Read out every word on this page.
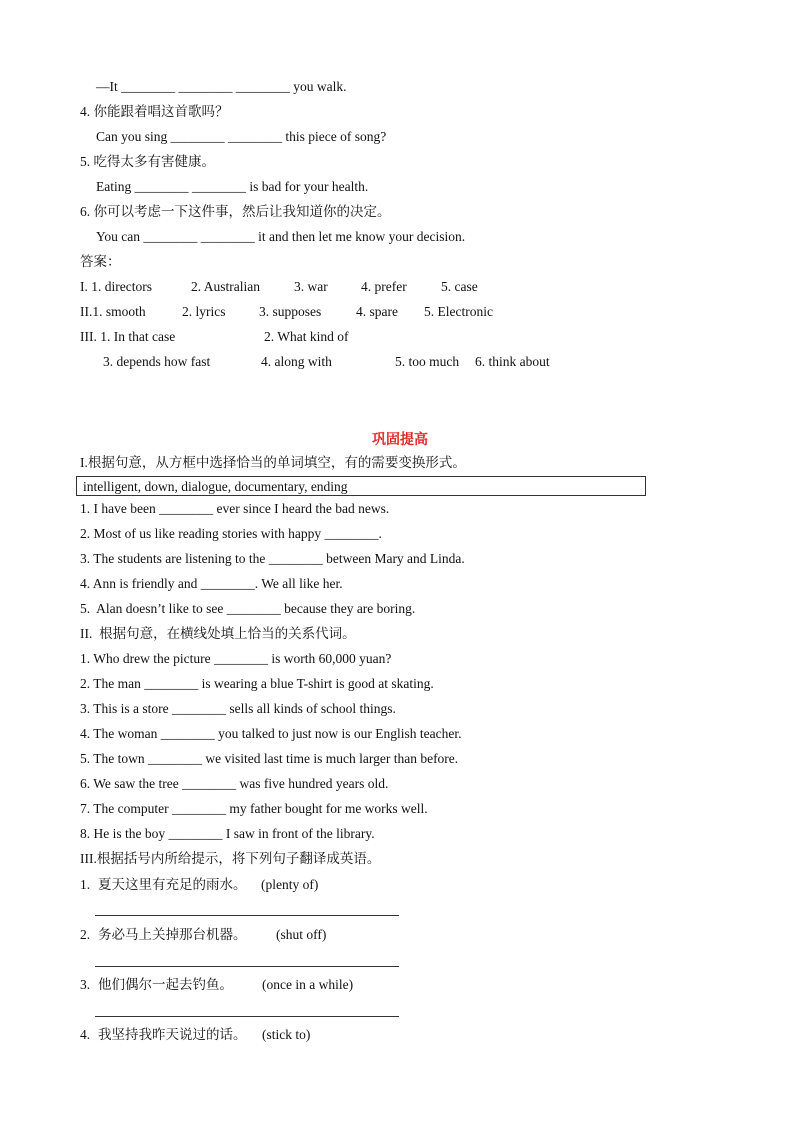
—It ________ ________ ________ you walk.
4. 你能跟着唱这首歌吗？
Can you sing ________ ________ this piece of song?
5. 吃得太多有害健康。
Eating ________ ________ is bad for your health.
6. 你可以考虑一下这件事，然后让我知道你的决定。
You can ________ ________ it and then let me know your decision.
答案：
I. 1. directors	2. Australian	3. war 4. prefer	5. case
II.1. smooth	2. lyrics 3. supposes	4. spare 5. Electronic
III. 1. In that case	2. What kind of
3. depends how fast	4. along with	5. too much 6. think about
巩固提高
I.根据句意，从方框中选择恰当的单词填空，有的需要变换形式。
intelligent, down, dialogue, documentary, ending
1. I have been ________ ever since I heard the bad news.
2. Most of us like reading stories with happy ________.
3. The students are listening to the ________ between Mary and Linda.
4. Ann is friendly and ________. We all like her.
5.  Alan doesn’t like to see ________ because they are boring.
II.  根据句意，在横线处填上恰当的关系代词。
1. Who drew the picture ________ is worth 60,000 yuan?
2. The man ________ is wearing a blue T-shirt is good at skating.
3. This is a store ________ sells all kinds of school things.
4. The woman ________ you talked to just now is our English teacher.
5. The town ________ we visited last time is much larger than before.
6. We saw the tree ________ was five hundred years old.
7. The computer ________ my father bought for me works well.
8. He is the boy ________ I saw in front of the library.
III.根据括号内所给提示，将下列句子翻译成英语。
1. 夏天这里有充足的雨水。 (plenty of)
2. 务必马上关掉那台机器。 (shut off)
3. 他们偶尔一起去钓鱼。 (once in a while)
4. 我坚持我昨天说过的话。 (stick to)
